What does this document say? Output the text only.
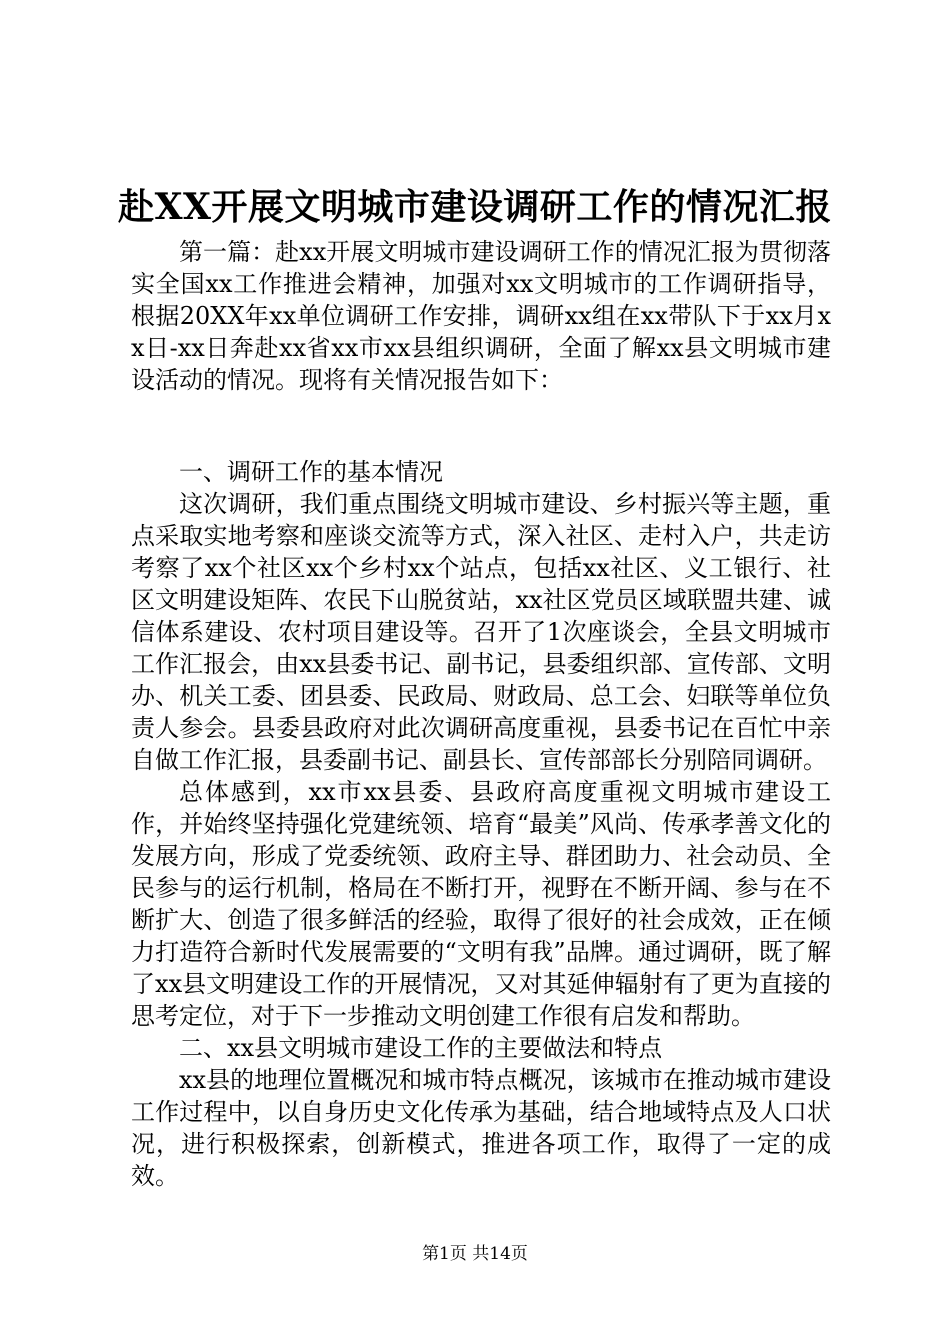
赴XX开展文明城市建设调研工作的情况汇报

第一篇：赴xx开展文明城市建设调研工作的情况汇报为贯彻落实全国xx工作推进会精神，加强对xx文明城市的工作调研指导，根据20XX年xx单位调研工作安排，调研xx组在xx带队下于xx月xx日-xx日奔赴xx省xx市xx县组织调研，全面了解xx县文明城市建设活动的情况。现将有关情况报告如下：

一、调研工作的基本情况

这次调研，我们重点围绕文明城市建设、乡村振兴等主题，重点采取实地考察和座谈交流等方式，深入社区、走村入户，共走访考察了xx个社区xx个乡村xx个站点，包括xx社区、义工银行、社区文明建设矩阵、农民下山脱贫站，xx社区党员区域联盟共建、诚信体系建设、农村项目建设等。召开了1次座谈会，全县文明城市工作汇报会，由xx县委书记、副书记，县委组织部、宣传部、文明办、机关工委、团县委、民政局、财政局、总工会、妇联等单位负责人参会。县委县政府对此次调研高度重视，县委书记在百忙中亲自做工作汇报，县委副书记、副县长、宣传部部长分别陪同调研。

总体感到，xx市xx县委、县政府高度重视文明城市建设工作，并始终坚持强化党建统领、培育“最美”风尚、传承孝善文化的发展方向，形成了党委统领、政府主导、群团助力、社会动员、全民参与的运行机制，格局在不断打开，视野在不断开阔、参与在不断扩大、创造了很多鲜活的经验，取得了很好的社会成效，正在倾力打造符合新时代发展需要的“文明有我”品牌。通过调研，既了解了xx县文明建设工作的开展情况，又对其延伸辐射有了更为直接的思考定位，对于下一步推动文明创建工作很有启发和帮助。

二、xx县文明城市建设工作的主要做法和特点

xx县的地理位置概况和城市特点概况，该城市在推动城市建设工作过程中，以自身历史文化传承为基础，结合地域特点及人口状况，进行积极探索，创新模式，推进各项工作，取得了一定的成效。

第1页 共14页
